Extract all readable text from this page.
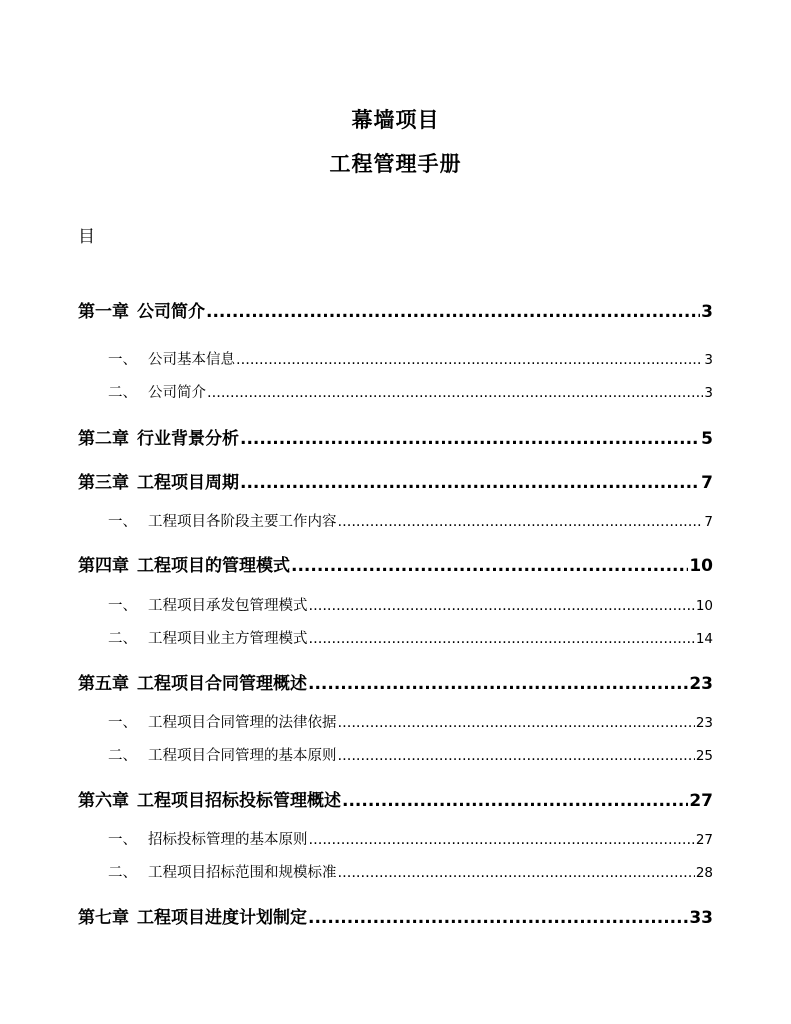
幕墙项目
工程管理手册
目
第一章 公司简介 .....	3
一、 公司基本信息 .....	3
二、 公司简介 .....	3
第二章 行业背景分析 .....	5
第三章 工程项目周期 .....	7
一、 工程项目各阶段主要工作内容 .....	7
第四章 工程项目的管理模式 .....	10
一、 工程项目承发包管理模式 .....	10
二、 工程项目业主方管理模式 .....	14
第五章 工程项目合同管理概述 .....	23
一、 工程项目合同管理的法律依据 .....	23
二、 工程项目合同管理的基本原则 .....	25
第六章 工程项目招标投标管理概述 .....	27
一、 招标投标管理的基本原则 .....	27
二、 工程项目招标范围和规模标准 .....	28
第七章 工程项目进度计划制定 .....	33
